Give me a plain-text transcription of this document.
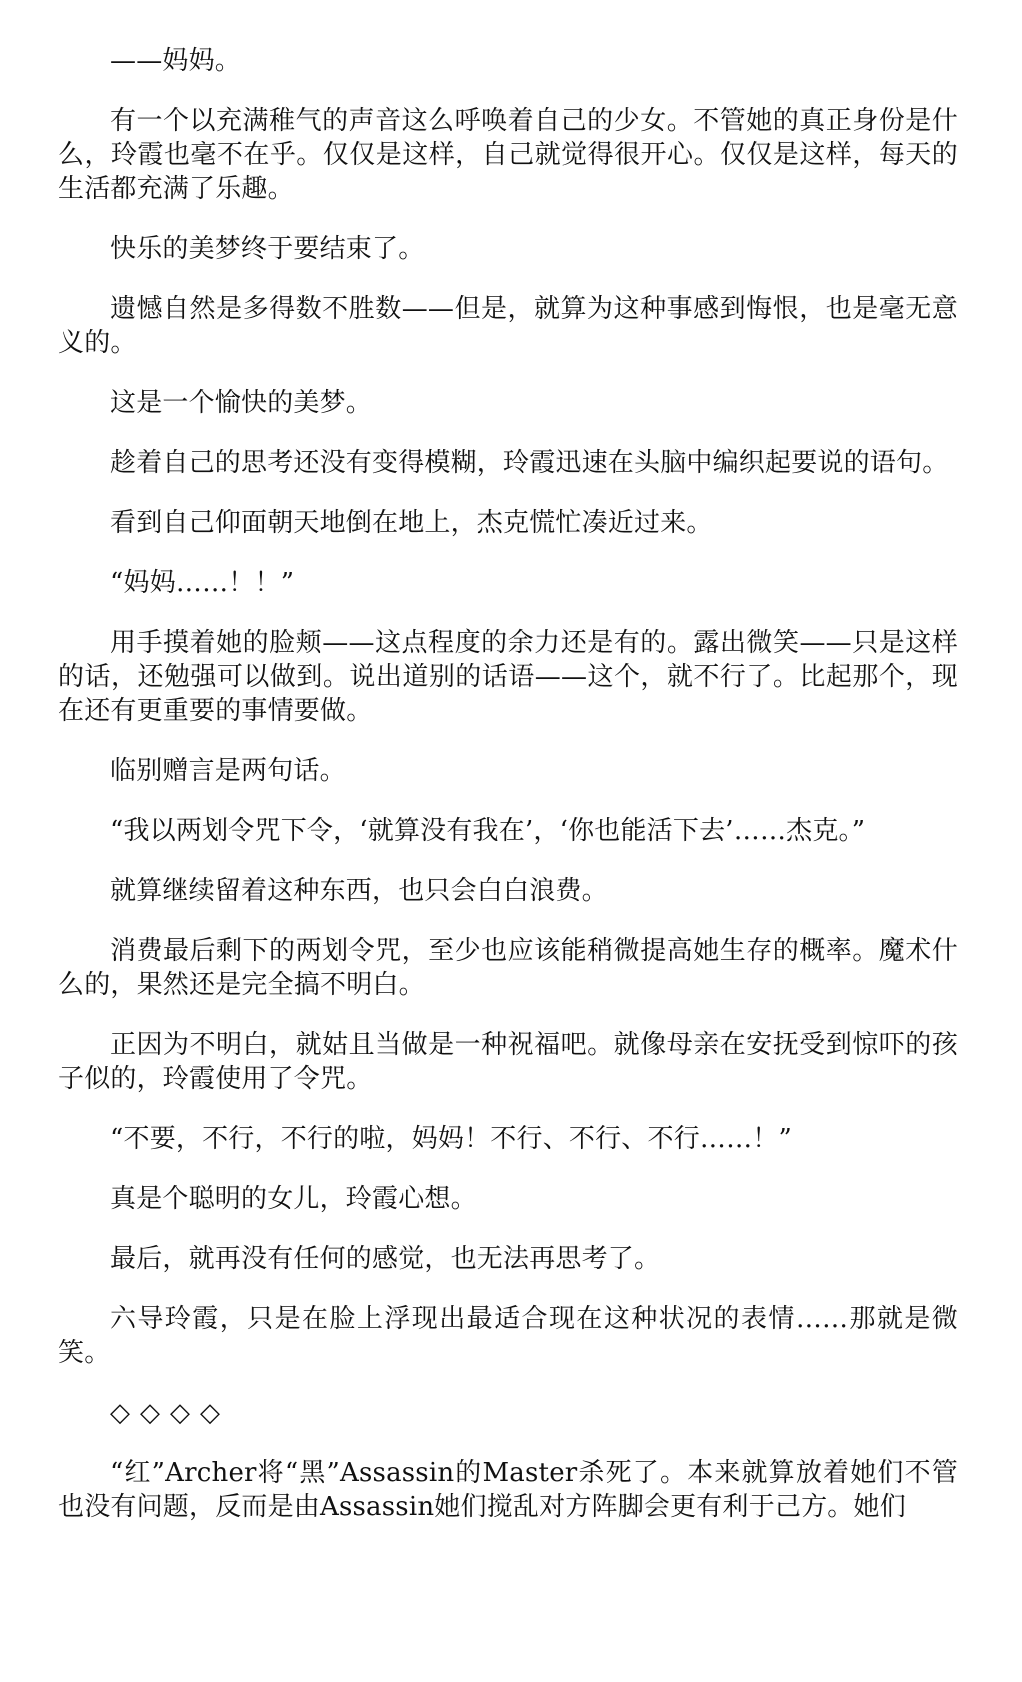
——妈妈。

有一个以充满稚气的声音这么呼唤着自己的少女。不管她的真正身份是什么，玲霞也毫不在乎。仅仅是这样，自己就觉得很开心。仅仅是这样，每天的生活都充满了乐趣。

快乐的美梦终于要结束了。

遗憾自然是多得数不胜数——但是，就算为这种事感到悔恨，也是毫无意义的。

这是一个愉快的美梦。

趁着自己的思考还没有变得模糊，玲霞迅速在头脑中编织起要说的语句。

看到自己仰面朝天地倒在地上，杰克慌忙凑近过来。

“妈妈……！！”

用手摸着她的脸颊——这点程度的余力还是有的。露出微笑——只是这样的话，还勉强可以做到。说出道别的话语——这个，就不行了。比起那个，现在还有更重要的事情要做。

临别赠言是两句话。

“我以两划令咒下令，‘就算没有我在’，‘你也能活下去’……杰克。”

就算继续留着这种东西，也只会白白浪费。

消费最后剩下的两划令咒，至少也应该能稍微提高她生存的概率。魔术什么的，果然还是完全搞不明白。

正因为不明白，就姑且当做是一种祝福吧。就像母亲在安抚受到惊吓的孩子似的，玲霞使用了令咒。

“不要，不行，不行的啦，妈妈！不行、不行、不行……！”

真是个聪明的女儿，玲霞心想。

最后，就再没有任何的感觉，也无法再思考了。

六导玲霞，只是在脸上浮现出最适合现在这种状况的表情……那就是微笑。

◇◇◇◇

“红”Archer将“黑”Assassin的Master杀死了。本来就算放着她们不管也没有问题，反而是由Assassin她们搅乱对方阵脚会更有利于己方。她们
